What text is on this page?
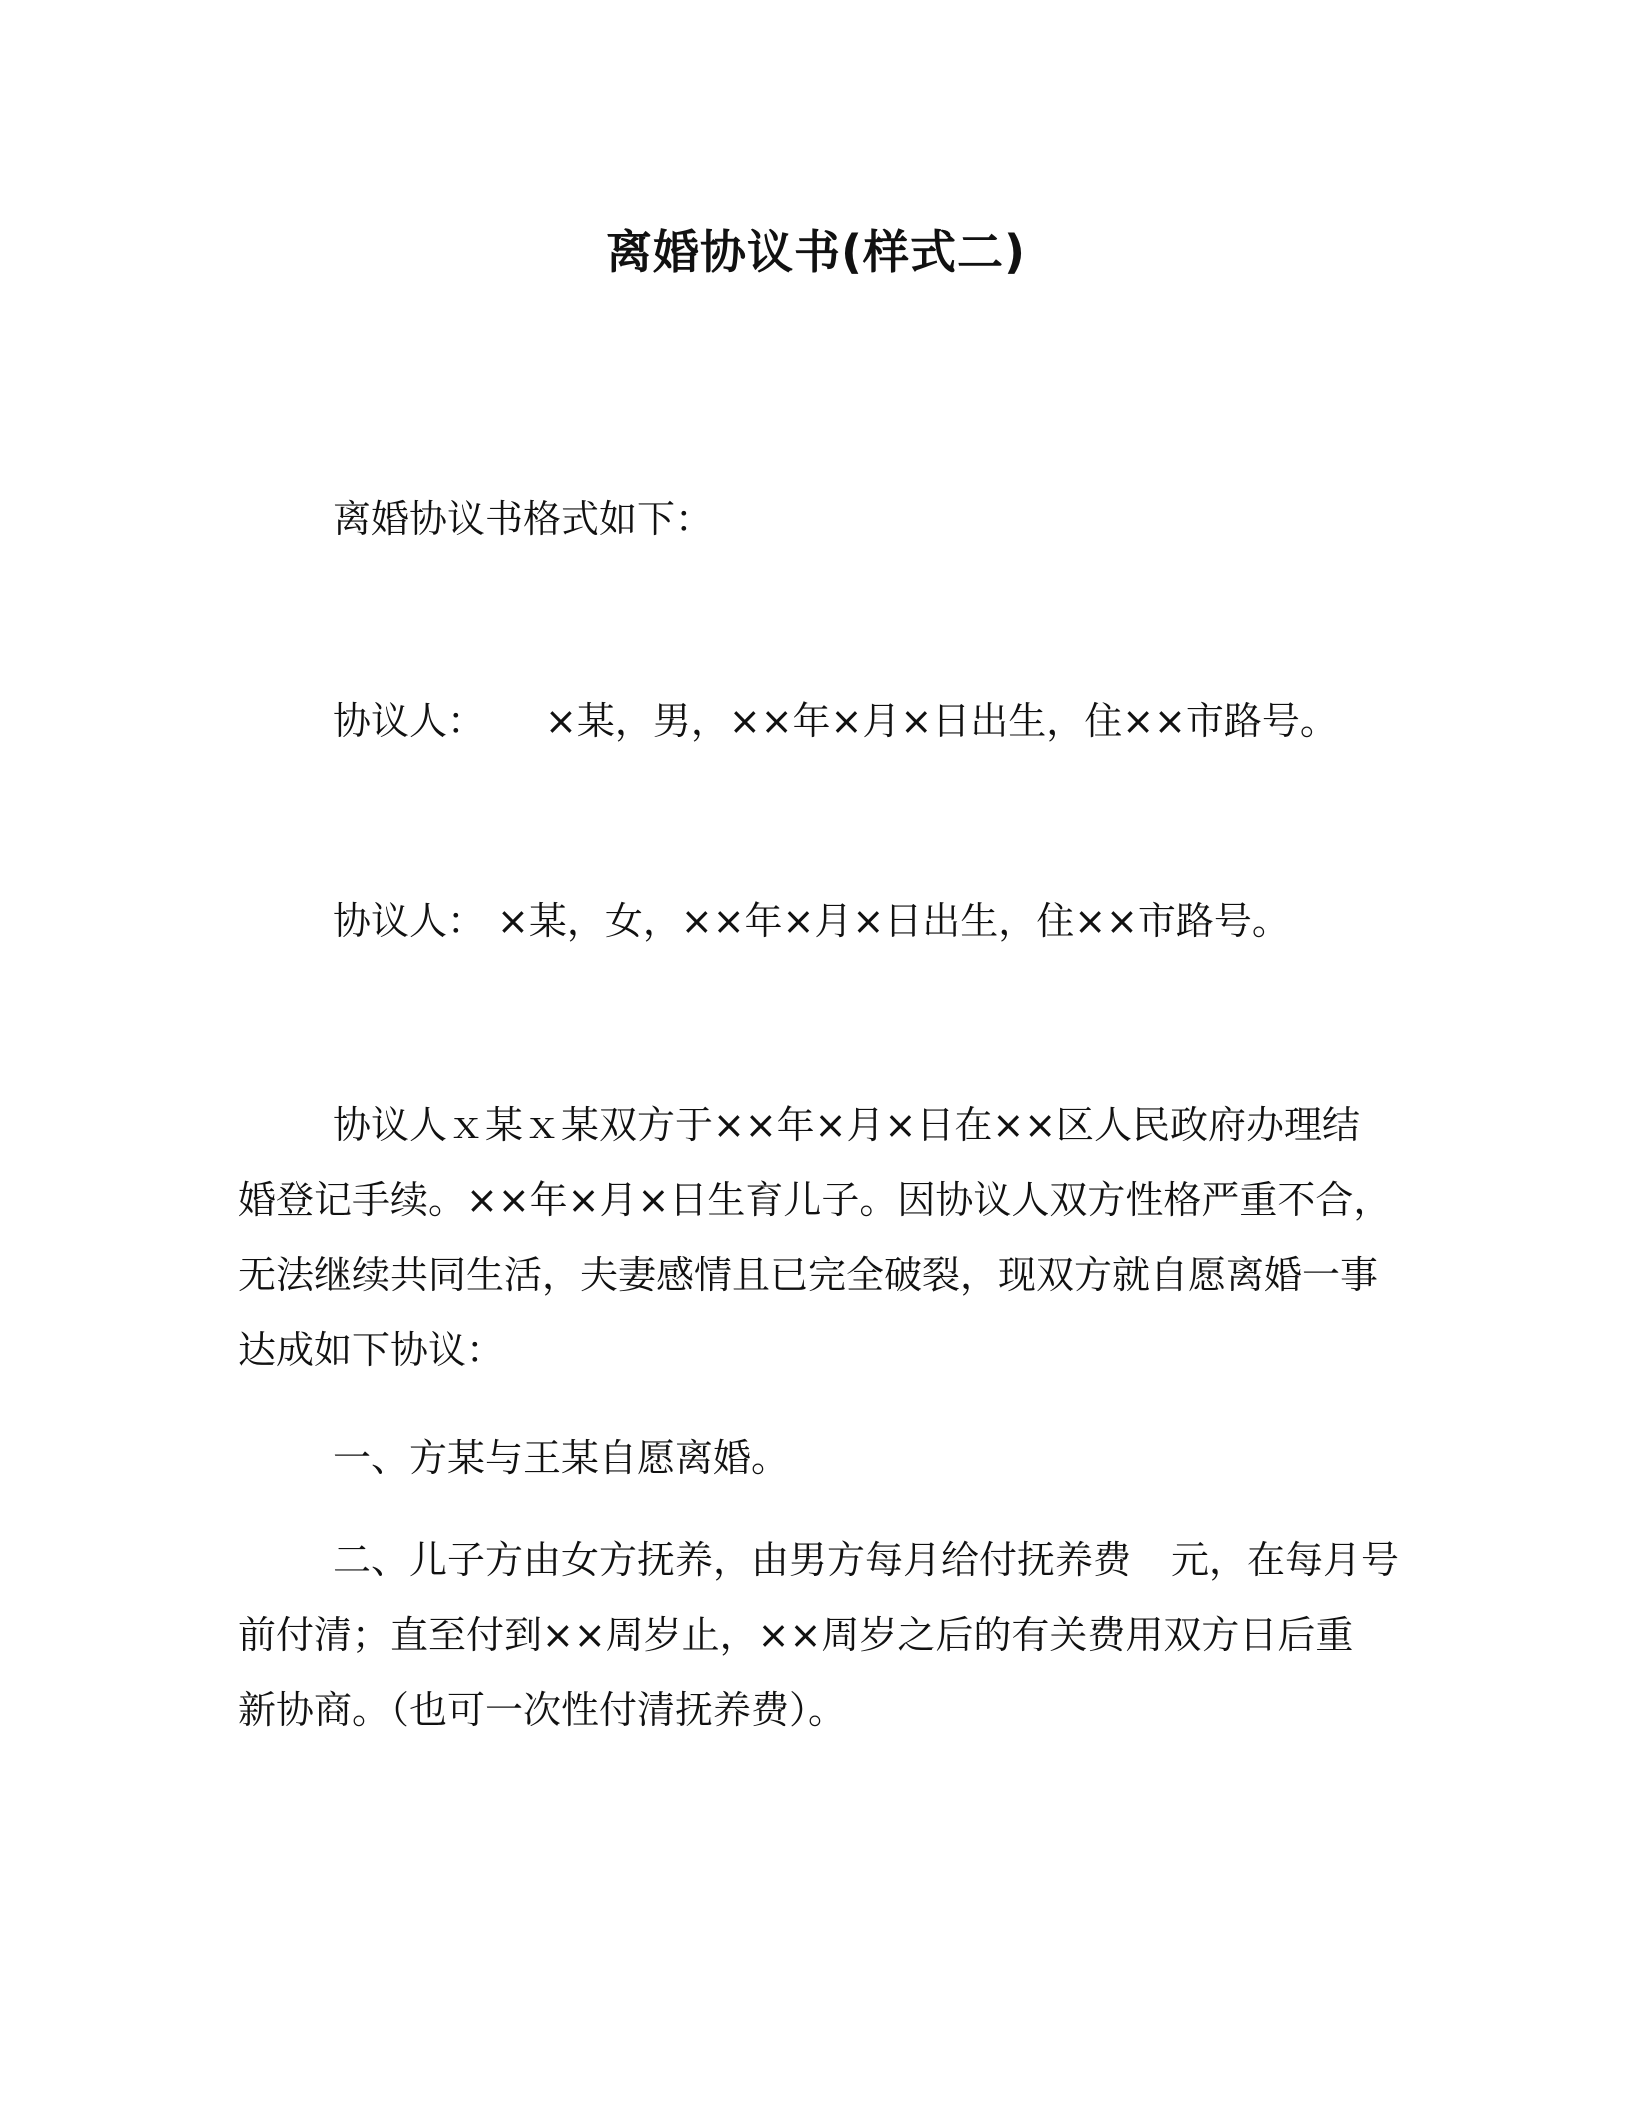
离婚协议书(样式二)
离婚协议书格式如下：
协议人： ×某，男，××年×月×日出生，住××市路号。
协议人： ×某，女，××年×月×日出生，住××市路号。
协议人ｘ某ｘ某双方于××年×月×日在××区人民政府办理结
婚登记手续。××年×月×日生育儿子。因协议人双方性格严重不合，
无法继续共同生活，夫妻感情且已完全破裂，现双方就自愿离婚一事
达成如下协议：
一、方某与王某自愿离婚。
二、儿子方由女方抚养，由男方每月给付抚养费 元，在每月号
前付清；直至付到××周岁止，××周岁之后的有关费用双方日后重
新协商。（也可一次性付清抚养费）。
